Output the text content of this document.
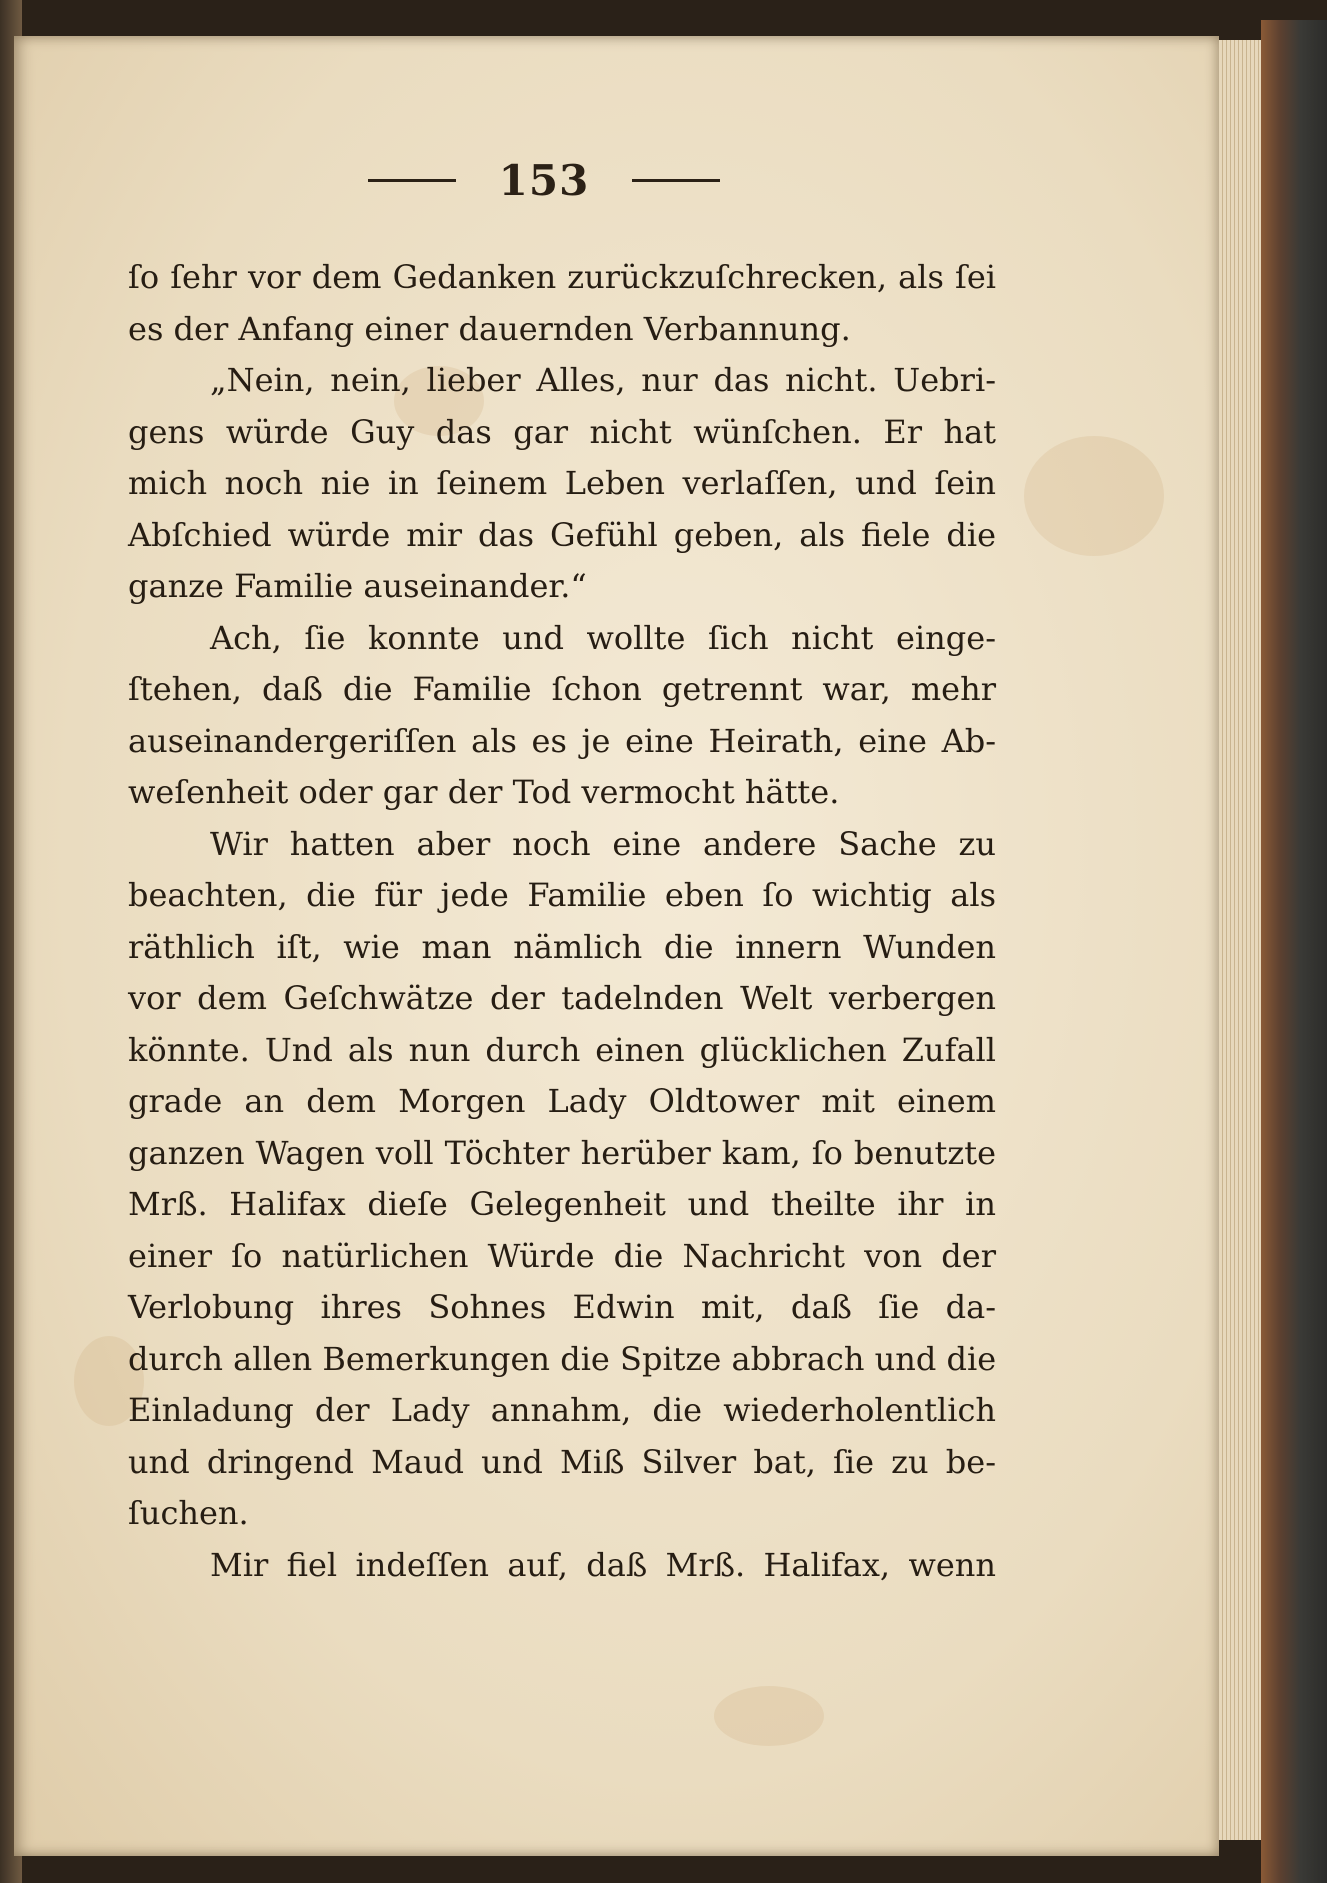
153
ſo ſehr vor dem Gedanken zurückzuſchrecken, als ſei
es der Anfang einer dauernden Verbannung.
„Nein, nein, lieber Alles, nur das nicht. Uebri-
gens würde Guy das gar nicht wünſchen. Er hat
mich noch nie in ſeinem Leben verlaſſen, und ſein
Abſchied würde mir das Gefühl geben, als fiele die
ganze Familie auseinander.“
Ach, ſie konnte und wollte ſich nicht einge-
ſtehen, daß die Familie ſchon getrennt war, mehr
auseinandergeriſſen als es je eine Heirath, eine Ab-
weſenheit oder gar der Tod vermocht hätte.
Wir hatten aber noch eine andere Sache zu
beachten, die für jede Familie eben ſo wichtig als
räthlich iſt, wie man nämlich die innern Wunden
vor dem Geſchwätze der tadelnden Welt verbergen
könnte. Und als nun durch einen glücklichen Zufall
grade an dem Morgen Lady Oldtower mit einem
ganzen Wagen voll Töchter herüber kam, ſo benutzte
Mrß. Halifax dieſe Gelegenheit und theilte ihr in
einer ſo natürlichen Würde die Nachricht von der
Verlobung ihres Sohnes Edwin mit, daß ſie da-
durch allen Bemerkungen die Spitze abbrach und die
Einladung der Lady annahm, die wiederholentlich
und dringend Maud und Miß Silver bat, ſie zu be-
ſuchen.
Mir fiel indeſſen auf, daß Mrß. Halifax, wenn
